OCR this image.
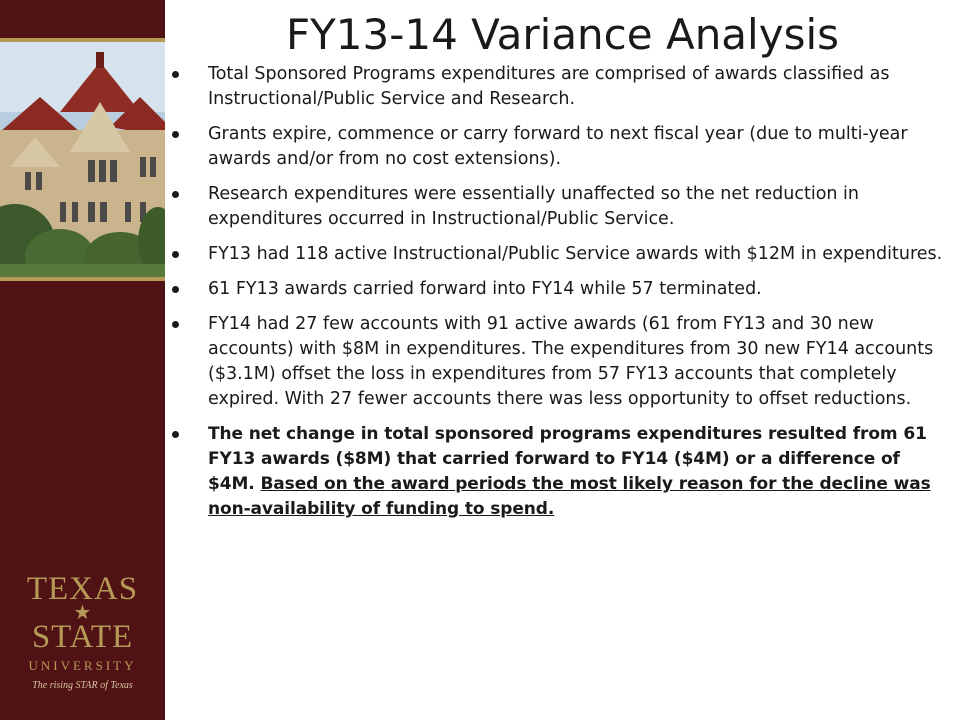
TEXAS
★
STATE
UNIVERSITY
The rising STAR of Texas
FY13-14 Variance Analysis
Total Sponsored Programs expenditures are comprised of awards classified as Instructional/Public Service and Research.
Grants expire, commence or carry forward to next fiscal year (due to multi-year awards and/or from no cost extensions).
Research expenditures were essentially unaffected so the net reduction in expenditures occurred in Instructional/Public Service.
FY13 had 118 active Instructional/Public Service awards with $12M in expenditures.
61 FY13 awards carried forward into FY14 while 57 terminated.
FY14 had 27 few accounts with 91 active awards (61 from FY13 and 30 new accounts) with $8M in expenditures. The expenditures from 30 new FY14 accounts ($3.1M) offset the loss in expenditures from 57 FY13 accounts that completely expired. With 27 fewer accounts there was less opportunity to offset reductions.
The net change in total sponsored programs expenditures resulted from 61 FY13 awards ($8M) that carried forward to FY14 ($4M) or a difference of $4M. Based on the award periods the most likely reason for the decline was non-availability of funding to spend.
